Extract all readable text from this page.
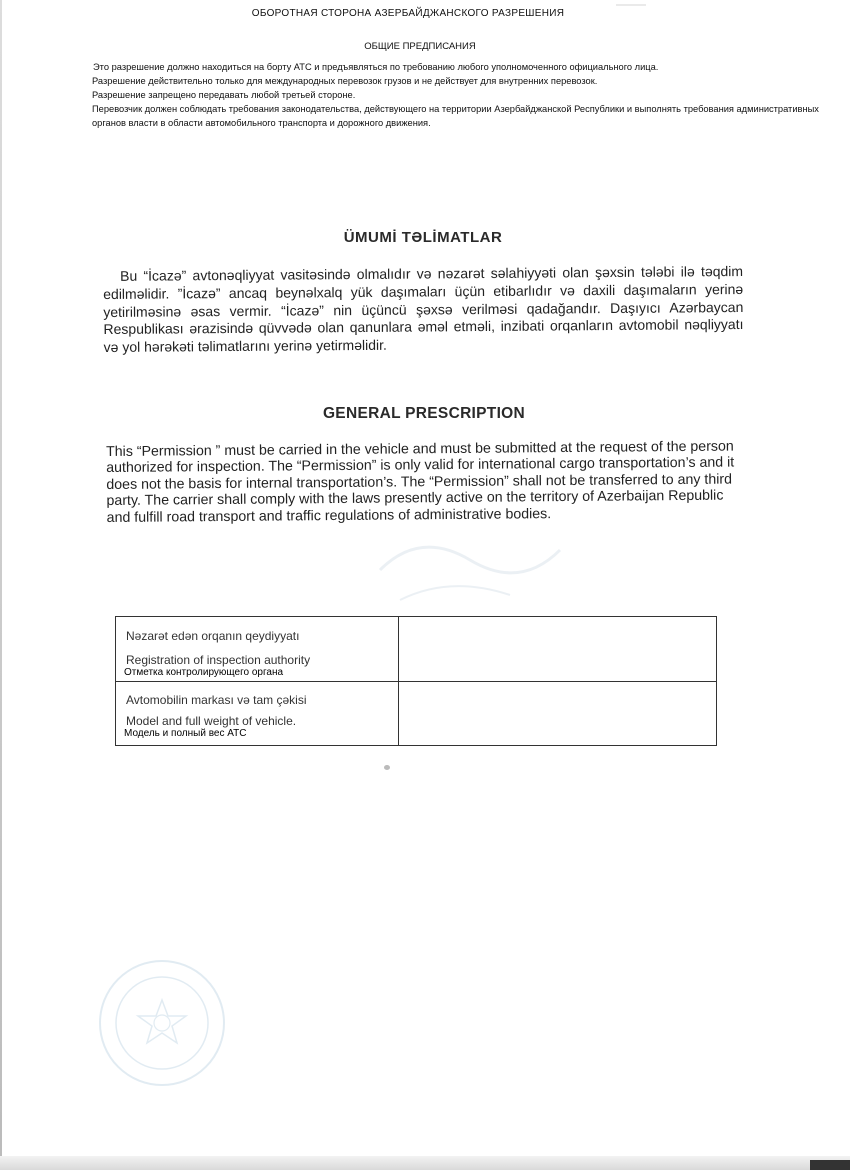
ОБОРОТНАЯ СТОРОНА АЗЕРБАЙДЖАНСКОГО РАЗРЕШЕНИЯ
ОБЩИЕ ПРЕДПИСАНИЯ

Это разрешение должно находиться на борту АТС и предъявляться по требованию любого уполномоченного официального лица.

Разрешение действительно только для международных перевозок грузов и не действует для внутренних перевозок.

Разрешение запрещено передавать любой третьей стороне.

Перевозчик должен соблюдать требования законодательства, действующего на территории Азербайджанской Республики и выполнять требования административных органов власти в области автомобильного транспорта и дорожного движения.

ÜMUMİ TƏLİMATLAR
Bu “İcazə” avtonəqliyyat vasitəsində olmalıdır və nəzarət səlahiyyəti olan şəxsin tələbi ilə təqdim edilməlidir. ”İcazə” ancaq beynəlxalq yük daşımaları üçün etibarlıdır və daxili daşımaların yerinə yetirilməsinə əsas vermir. “İcazə” nin üçüncü şəxsə verilməsi qadağandır. Daşıyıcı Azərbaycan Respublikası ərazisində qüvvədə olan qanunlara əməl etməli, inzibati orqanların avtomobil nəqliyyatı və yol hərəkəti təlimatlarını yerinə yetirməlidir.
GENERAL PRESCRIPTION
This “Permission ” must be carried in the vehicle and must be submitted at the request of the person authorized for inspection. The “Permission” is only valid for international cargo transportation’s and it does not the basis for internal transportation’s. The “Permission” shall not be transferred to any third party. The carrier shall comply with the laws presently active on the territory of Azerbaijan Republic and fulfill road transport and traffic regulations of administrative bodies.
Nəzarət edən orqanın qeydiyyatı
Registration of inspection authority
Отметка контролирующего органа
Avtomobilin markası və tam çəkisi
Model and full weight of vehicle.
Модель и полный вес АТС
